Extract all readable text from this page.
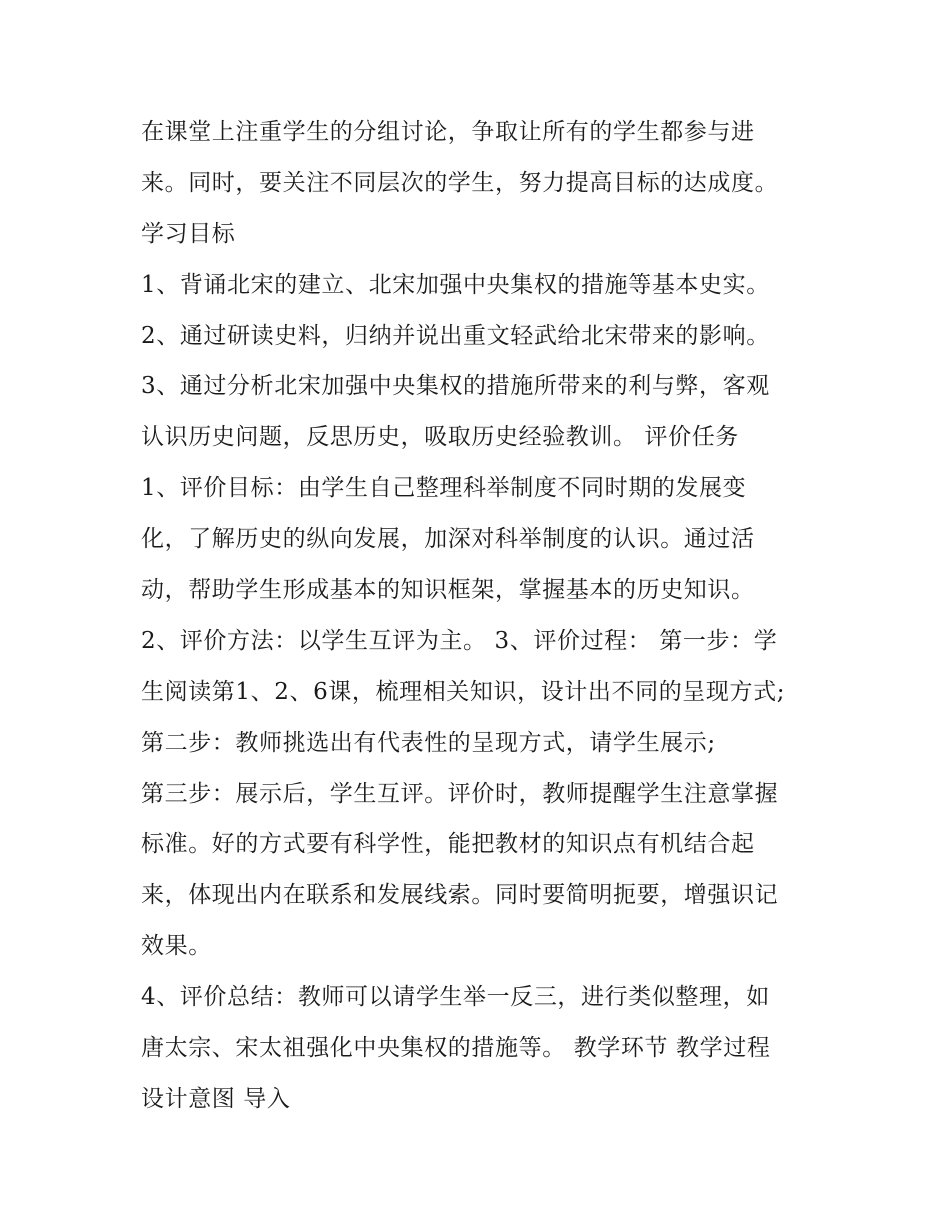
在课堂上注重学生的分组讨论，争取让所有的学生都参与进
来。同时，要关注不同层次的学生，努力提高目标的达成度。
学习目标
1、背诵北宋的建立、北宋加强中央集权的措施等基本史实。
2、通过研读史料，归纳并说出重文轻武给北宋带来的影响。
3、通过分析北宋加强中央集权的措施所带来的利与弊，客观
认识历史问题，反思历史，吸取历史经验教训。 评价任务
1、评价目标：由学生自己整理科举制度不同时期的发展变
化，了解历史的纵向发展，加深对科举制度的认识。通过活
动，帮助学生形成基本的知识框架，掌握基本的历史知识。
2、评价方法：以学生互评为主。 3、评价过程： 第一步：学
生阅读第1、2、6课，梳理相关知识，设计出不同的呈现方式;
第二步：教师挑选出有代表性的呈现方式，请学生展示;
第三步：展示后，学生互评。评价时，教师提醒学生注意掌握
标准。好的方式要有科学性，能把教材的知识点有机结合起
来，体现出内在联系和发展线索。同时要简明扼要，增强识记
效果。
4、评价总结：教师可以请学生举一反三，进行类似整理，如
唐太宗、宋太祖强化中央集权的措施等。 教学环节 教学过程
设计意图 导入
